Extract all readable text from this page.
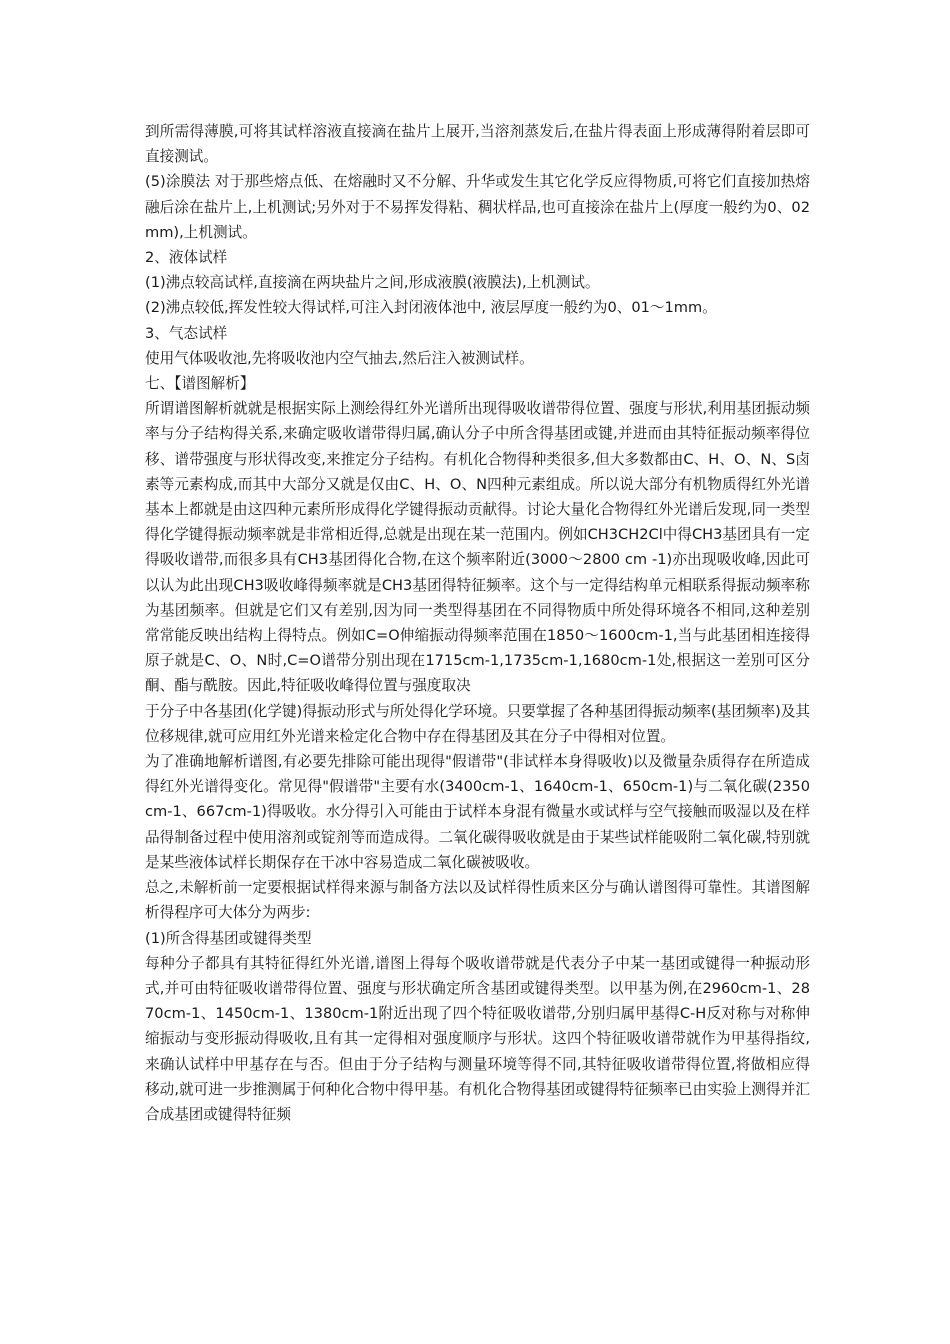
到所需得薄膜,可将其试样溶液直接滴在盐片上展开,当溶剂蒸发后,在盐片得表面上形成薄得附着层即可直接测试。

(5)涂膜法 对于那些熔点低、在熔融时又不分解、升华或发生其它化学反应得物质,可将它们直接加热熔融后涂在盐片上,上机测试;另外对于不易挥发得粘、稠状样品,也可直接涂在盐片上(厚度一般约为0、02mm),上机测试。

2、液体试样

(1)沸点较高试样,直接滴在两块盐片之间,形成液膜(液膜法),上机测试。

(2)沸点较低,挥发性较大得试样,可注入封闭液体池中, 液层厚度一般约为0、01～1mm。

3、气态试样

使用气体吸收池,先将吸收池内空气抽去,然后注入被测试样。

七、【谱图解析】

所谓谱图解析就就是根据实际上测绘得红外光谱所出现得吸收谱带得位置、强度与形状,利用基团振动频率与分子结构得关系,来确定吸收谱带得归属,确认分子中所含得基团或键,并进而由其特征振动频率得位移、谱带强度与形状得改变,来推定分子结构。有机化合物得种类很多,但大多数都由C、H、O、N、S卤素等元素构成,而其中大部分又就是仅由C、H、O、N四种元素组成。所以说大部分有机物质得红外光谱基本上都就是由这四种元素所形成得化学键得振动贡献得。讨论大量化合物得红外光谱后发现,同一类型得化学键得振动频率就是非常相近得,总就是出现在某一范围内。例如CH3CH2Cl中得CH3基团具有一定得吸收谱带,而很多具有CH3基团得化合物,在这个频率附近(3000～2800 cm -1)亦出现吸收峰,因此可以认为此出现CH3吸收峰得频率就是CH3基团得特征频率。这个与一定得结构单元相联系得振动频率称为基团频率。但就是它们又有差别,因为同一类型得基团在不同得物质中所处得环境各不相同,这种差别常常能反映出结构上得特点。例如C=O伸缩振动得频率范围在1850～1600cm-1,当与此基团相连接得原子就是C、O、N时,C=O谱带分别出现在1715cm-1,1735cm-1,1680cm-1处,根据这一差别可区分酮、酯与酰胺。因此,特征吸收峰得位置与强度取决

于分子中各基团(化学键)得振动形式与所处得化学环境。只要掌握了各种基团得振动频率(基团频率)及其位移规律,就可应用红外光谱来检定化合物中存在得基团及其在分子中得相对位置。

为了准确地解析谱图,有必要先排除可能出现得"假谱带"(非试样本身得吸收)以及微量杂质得存在所造成得红外光谱得变化。常见得"假谱带"主要有水(3400cm-1、1640cm-1、650cm-1)与二氧化碳(2350cm-1、667cm-1)得吸收。水分得引入可能由于试样本身混有微量水或试样与空气接触而吸湿以及在样品得制备过程中使用溶剂或锭剂等而造成得。二氧化碳得吸收就是由于某些试样能吸附二氧化碳,特别就是某些液体试样长期保存在干冰中容易造成二氧化碳被吸收。

总之,未解析前一定要根据试样得来源与制备方法以及试样得性质来区分与确认谱图得可靠性。其谱图解析得程序可大体分为两步:

(1)所含得基团或键得类型

每种分子都具有其特征得红外光谱,谱图上得每个吸收谱带就是代表分子中某一基团或键得一种振动形式,并可由特征吸收谱带得位置、强度与形状确定所含基团或键得类型。以甲基为例,在2960cm-1、2870cm-1、1450cm-1、1380cm-1附近出现了四个特征吸收谱带,分别归属甲基得C-H反对称与对称伸缩振动与变形振动得吸收,且有其一定得相对强度顺序与形状。这四个特征吸收谱带就作为甲基得指纹,来确认试样中甲基存在与否。但由于分子结构与测量环境等得不同,其特征吸收谱带得位置,将做相应得移动,就可进一步推测属于何种化合物中得甲基。有机化合物得基团或键得特征频率已由实验上测得并汇合成基团或键得特征频
